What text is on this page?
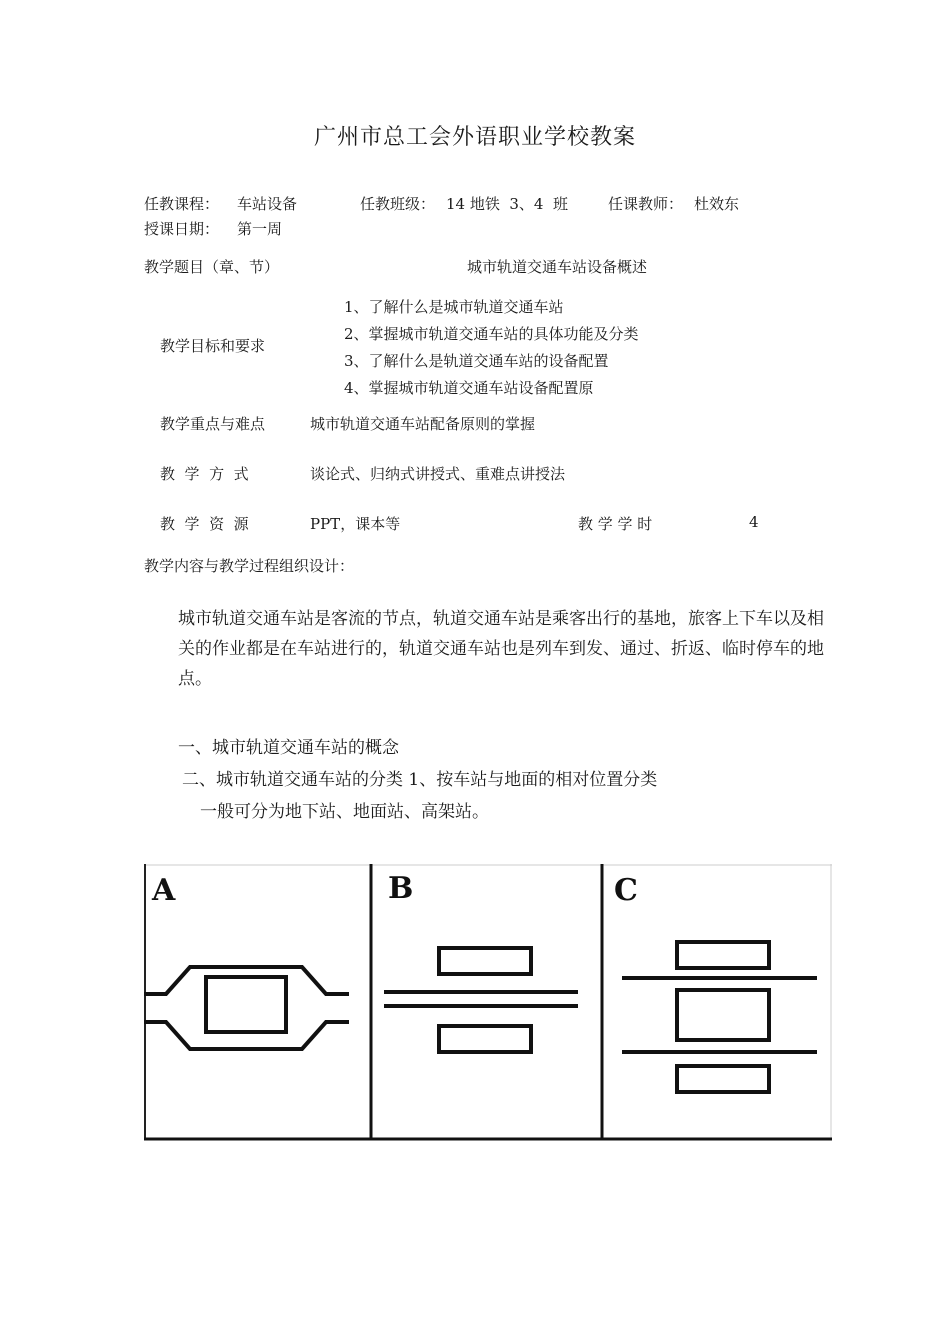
广州市总工会外语职业学校教案
任教课程： 车站设备	任教班级： 14 地铁  3、4  班	任课教师： 杜效东
授课日期： 第一周
教学题目（章、节）	城市轨道交通车站设备概述
教学目标和要求
1、了解什么是城市轨道交通车站
2、掌握城市轨道交通车站的具体功能及分类
3、了解什么是轨道交通车站的设备配置
4、掌握城市轨道交通车站设备配置原
教学重点与难点	城市轨道交通车站配备原则的掌握
教  学  方  式	谈论式、归纳式讲授式、重难点讲授法
教  学  资  源	PPT，课本等	教 学 学 时	4
教学内容与教学过程组织设计：
城市轨道交通车站是客流的节点，轨道交通车站是乘客出行的基地，旅客上下车以及相关的作业都是在车站进行的，轨道交通车站也是列车到发、通过、折返、临时停车的地点。
一、城市轨道交通车站的概念
二、城市轨道交通车站的分类 1、按车站与地面的相对位置分类
一般可分为地下站、地面站、高架站。
A	B	C
